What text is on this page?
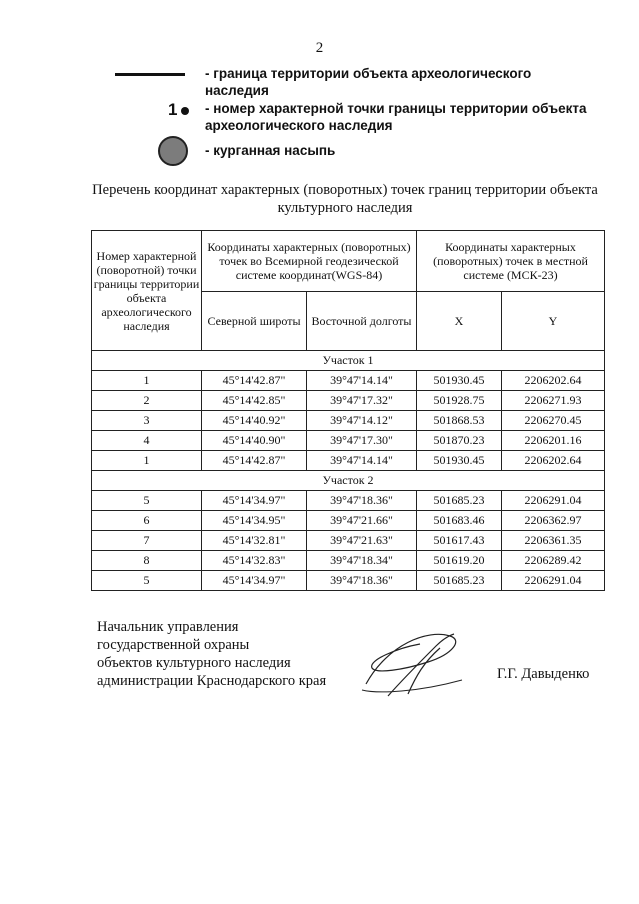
2
- граница территории объекта археологического наследия
1 - номер характерной точки границы территории объекта археологического наследия
- курганная насыпь
Перечень координат характерных (поворотных) точек границ территории объекта культурного наследия
Номер характерной (поворотной) точки границы территории объекта археологического наследия	Координаты характерных (поворотных) точек во Всемирной геодезической системе координат(WGS-84)		Координаты характерных (поворотных) точек в местной системе (МСК-23)	
	Северной широты	Восточной долготы	X	Y
Участок 1				
1	45°14'42.87"	39°47'14.14"	501930.45	2206202.64
2	45°14'42.85"	39°47'17.32"	501928.75	2206271.93
3	45°14'40.92"	39°47'14.12"	501868.53	2206270.45
4	45°14'40.90"	39°47'17.30"	501870.23	2206201.16
1	45°14'42.87"	39°47'14.14"	501930.45	2206202.64
Участок 2				
5	45°14'34.97"	39°47'18.36"	501685.23	2206291.04
6	45°14'34.95"	39°47'21.66"	501683.46	2206362.97
7	45°14'32.81"	39°47'21.63"	501617.43	2206361.35
8	45°14'32.83"	39°47'18.34"	501619.20	2206289.42
5	45°14'34.97"	39°47'18.36"	501685.23	2206291.04
Начальник управления
государственной охраны
объектов культурного наследия
администрации Краснодарского края	Г.Г. Давыденко
